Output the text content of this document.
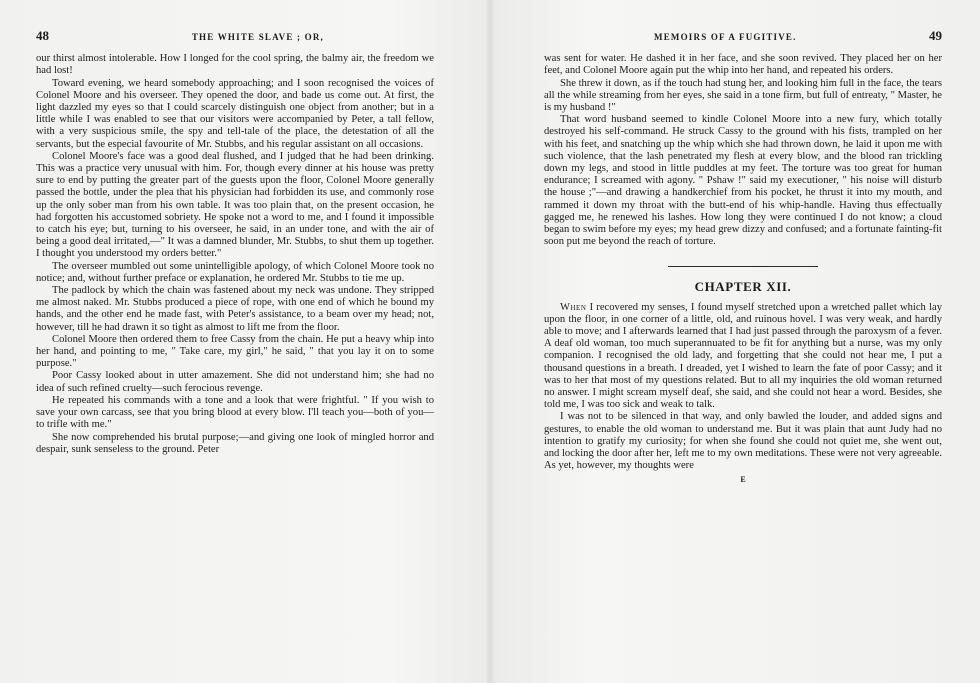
48	THE WHITE SLAVE ; OR,

our thirst almost intolerable. How I longed for the cool spring, the balmy air, the freedom we had lost!

Toward evening, we heard somebody approaching; and I soon recognised the voices of Colonel Moore and his overseer. They opened the door, and bade us come out. At first, the light dazzled my eyes so that I could scarcely distinguish one object from another; but in a little while I was enabled to see that our visitors were accompanied by Peter, a tall fellow, with a very suspicious smile, the spy and tell-tale of the place, the detestation of all the servants, but the especial favourite of Mr. Stubbs, and his regular assistant on all occasions.

Colonel Moore's face was a good deal flushed, and I judged that he had been drinking. This was a practice very unusual with him. For, though every dinner at his house was pretty sure to end by putting the greater part of the guests upon the floor, Colonel Moore generally passed the bottle, under the plea that his physician had forbidden its use, and commonly rose up the only sober man from his own table. It was too plain that, on the present occasion, he had forgotten his accustomed sobriety. He spoke not a word to me, and I found it impossible to catch his eye; but, turning to his overseer, he said, in an under tone, and with the air of being a good deal irritated,—" It was a damned blunder, Mr. Stubbs, to shut them up together. I thought you understood my orders better."

The overseer mumbled out some unintelligible apology, of which Colonel Moore took no notice; and, without further preface or explanation, he ordered Mr. Stubbs to tie me up.

The padlock by which the chain was fastened about my neck was undone. They stripped me almost naked. Mr. Stubbs produced a piece of rope, with one end of which he bound my hands, and the other end he made fast, with Peter's assistance, to a beam over my head; not, however, till he had drawn it so tight as almost to lift me from the floor.

Colonel Moore then ordered them to free Cassy from the chain. He put a heavy whip into her hand, and pointing to me, " Take care, my girl," he said, " that you lay it on to some purpose."

Poor Cassy looked about in utter amazement. She did not understand him; she had no idea of such refined cruelty—such ferocious revenge.

He repeated his commands with a tone and a look that were frightful. " If you wish to save your own carcass, see that you bring blood at every blow. I'll teach you—both of you—to trifle with me."

She now comprehended his brutal purpose;—and giving one look of mingled horror and despair, sunk senseless to the ground. Peter

MEMOIRS OF A FUGITIVE.	49

was sent for water. He dashed it in her face, and she soon revived. They placed her on her feet, and Colonel Moore again put the whip into her hand, and repeated his orders.

She threw it down, as if the touch had stung her, and looking him full in the face, the tears all the while streaming from her eyes, she said in a tone firm, but full of entreaty, " Master, he is my husband !"

That word husband seemed to kindle Colonel Moore into a new fury, which totally destroyed his self-command. He struck Cassy to the ground with his fists, trampled on her with his feet, and snatching up the whip which she had thrown down, he laid it upon me with such violence, that the lash penetrated my flesh at every blow, and the blood ran trickling down my legs, and stood in little puddles at my feet. The torture was too great for human endurance; I screamed with agony. " Pshaw !" said my executioner, " his noise will disturb the house ;"—and drawing a handkerchief from his pocket, he thrust it into my mouth, and rammed it down my throat with the butt-end of his whip-handle. Having thus effectually gagged me, he renewed his lashes. How long they were continued I do not know; a cloud began to swim before my eyes; my head grew dizzy and confused; and a fortunate fainting-fit soon put me beyond the reach of torture.

CHAPTER XII.

When I recovered my senses, I found myself stretched upon a wretched pallet which lay upon the floor, in one corner of a little, old, and ruinous hovel. I was very weak, and hardly able to move; and I afterwards learned that I had just passed through the paroxysm of a fever. A deaf old woman, too much superannuated to be fit for anything but a nurse, was my only companion. I recognised the old lady, and forgetting that she could not hear me, I put a thousand questions in a breath. I dreaded, yet I wished to learn the fate of poor Cassy; and it was to her that most of my questions related. But to all my inquiries the old woman returned no answer. I might scream myself deaf, she said, and she could not hear a word. Besides, she told me, I was too sick and weak to talk.

I was not to be silenced in that way, and only bawled the louder, and added signs and gestures, to enable the old woman to understand me. But it was plain that aunt Judy had no intention to gratify my curiosity; for when she found she could not quiet me, she went out, and locking the door after her, left me to my own meditations. These were not very agreeable. As yet, however, my thoughts were

E
